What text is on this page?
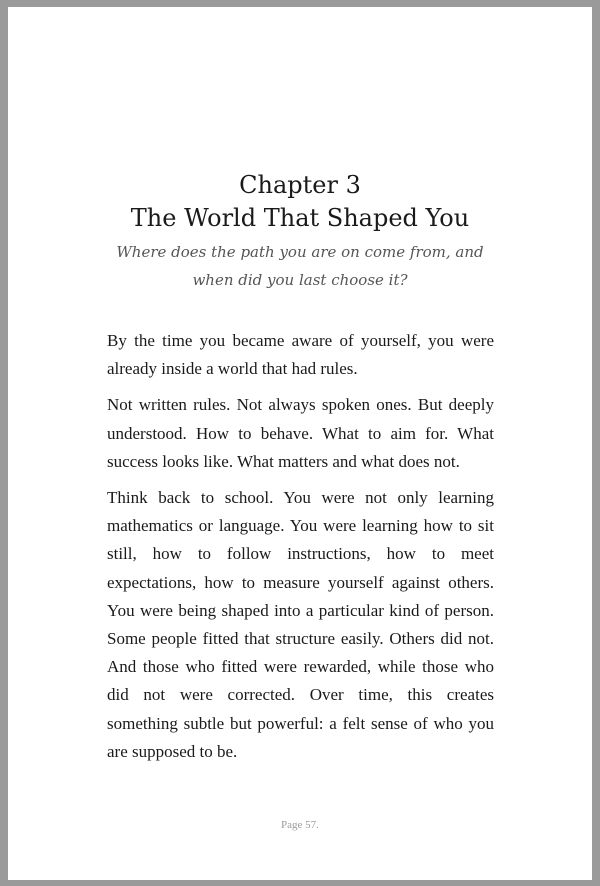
Chapter 3
The World That Shaped You
Where does the path you are on come from, and
when did you last choose it?

By the time you became aware of yourself, you were already inside a world that had rules.

Not written rules. Not always spoken ones. But deeply understood. How to behave. What to aim for. What success looks like. What matters and what does not.

Think back to school. You were not only learning mathematics or language. You were learning how to sit still, how to follow instructions, how to meet expectations, how to measure yourself against others. You were being shaped into a particular kind of person. Some people fitted that structure easily. Others did not. And those who fitted were rewarded, while those who did not were corrected. Over time, this creates something subtle but powerful: a felt sense of who you are supposed to be.

Page 57.
